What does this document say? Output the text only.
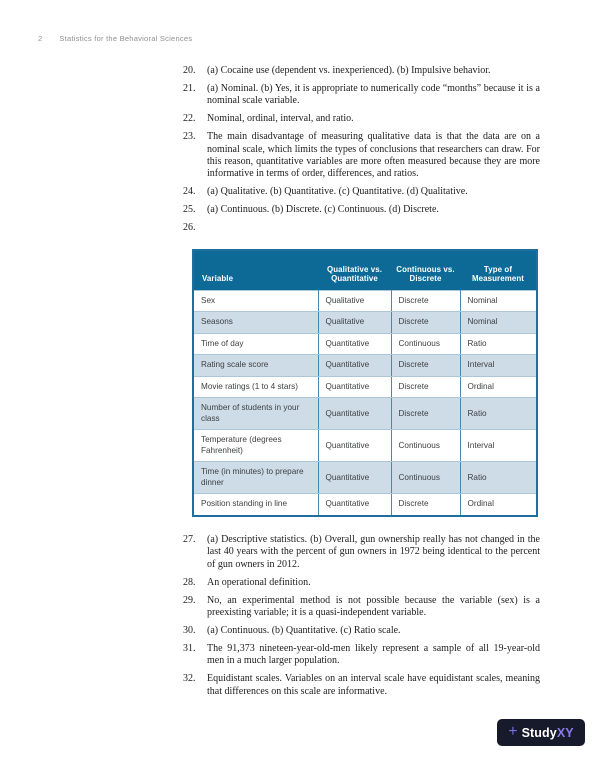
2 Statistics for the Behavioral Sciences
20.	(a) Cocaine use (dependent vs. inexperienced). (b) Impulsive behavior.
21.	(a) Nominal. (b) Yes, it is appropriate to numerically code “months” because it is a nominal scale variable.
22.	Nominal, ordinal, interval, and ratio.
23.	The main disadvantage of measuring qualitative data is that the data are on a nominal scale, which limits the types of conclusions that researchers can draw. For this reason, quantitative variables are more often measured because they are more informative in terms of order, differences, and ratios.
24.	(a) Qualitative. (b) Quantitative. (c) Quantitative. (d) Qualitative.
25.	(a) Continuous. (b) Discrete. (c) Continuous. (d) Discrete.
26.
Variable	Qualitative vs. Quantitative	Continuous vs. Discrete	Type of Measurement
Sex	Qualitative	Discrete	Nominal
Seasons	Qualitative	Discrete	Nominal
Time of day	Quantitative	Continuous	Ratio
Rating scale score	Quantitative	Discrete	Interval
Movie ratings (1 to 4 stars)	Quantitative	Discrete	Ordinal
Number of students in your class	Quantitative	Discrete	Ratio
Temperature (degrees Fahrenheit)	Quantitative	Continuous	Interval
Time (in minutes) to prepare dinner	Quantitative	Continuous	Ratio
Position standing in line	Quantitative	Discrete	Ordinal
27.	(a) Descriptive statistics. (b) Overall, gun ownership really has not changed in the last 40 years with the percent of gun owners in 1972 being identical to the percent of gun owners in 2012.
28.	An operational definition.
29.	No, an experimental method is not possible because the variable (sex) is a preexisting variable; it is a quasi-independent variable.
30.	(a) Continuous. (b) Quantitative. (c) Ratio scale.
31.	The 91,373 nineteen-year-old-men likely represent a sample of all 19-year-old men in a much larger population.
32.	Equidistant scales. Variables on an interval scale have equidistant scales, meaning that differences on this scale are informative.
+ StudyXY
